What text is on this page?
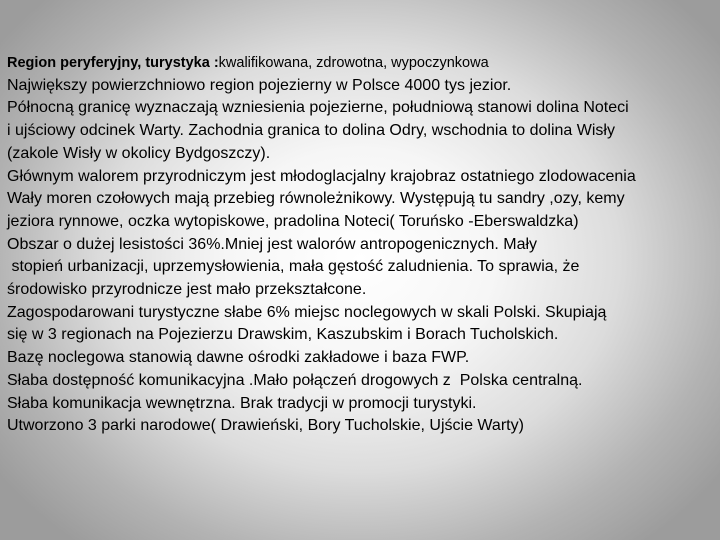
Region peryferyjny, turystyka :kwalifikowana, zdrowotna, wypoczynkowa
Największy powierzchniowo region pojezierny w Polsce 4000 tys jezior.
Północną granicę wyznaczają wzniesienia pojezierne, południową stanowi dolina Noteci
i ujściowy odcinek Warty. Zachodnia granica to dolina Odry, wschodnia to dolina Wisły
(zakole Wisły w okolicy Bydgoszczy).
Głównym walorem przyrodniczym jest młodoglacjalny krajobraz ostatniego zlodowacenia
Wały moren czołowych mają przebieg równoleżnikowy. Występują tu sandry ,ozy, kemy
jeziora rynnowe, oczka wytopiskowe, pradolina Noteci( Toruńsko -Eberswaldzka)
Obszar o dużej lesistości 36%.Mniej jest walorów antropogenicznych. Mały
stopień urbanizacji, uprzemysłowienia, mała gęstość zaludnienia. To sprawia, że
środowisko przyrodnicze jest mało przekształcone.
Zagospodarowani turystyczne słabe 6% miejsc noclegowych w skali Polski. Skupiają
się w 3 regionach na Pojezierzu Drawskim, Kaszubskim i Borach Tucholskich.
Bazę noclegowa stanowią dawne ośrodki zakładowe i baza FWP.
Słaba dostępność komunikacyjna .Mało połączeń drogowych z  Polska centralną.
Słaba komunikacja wewnętrzna. Brak tradycji w promocji turystyki.
Utworzono 3 parki narodowe( Drawieński, Bory Tucholskie, Ujście Warty)
